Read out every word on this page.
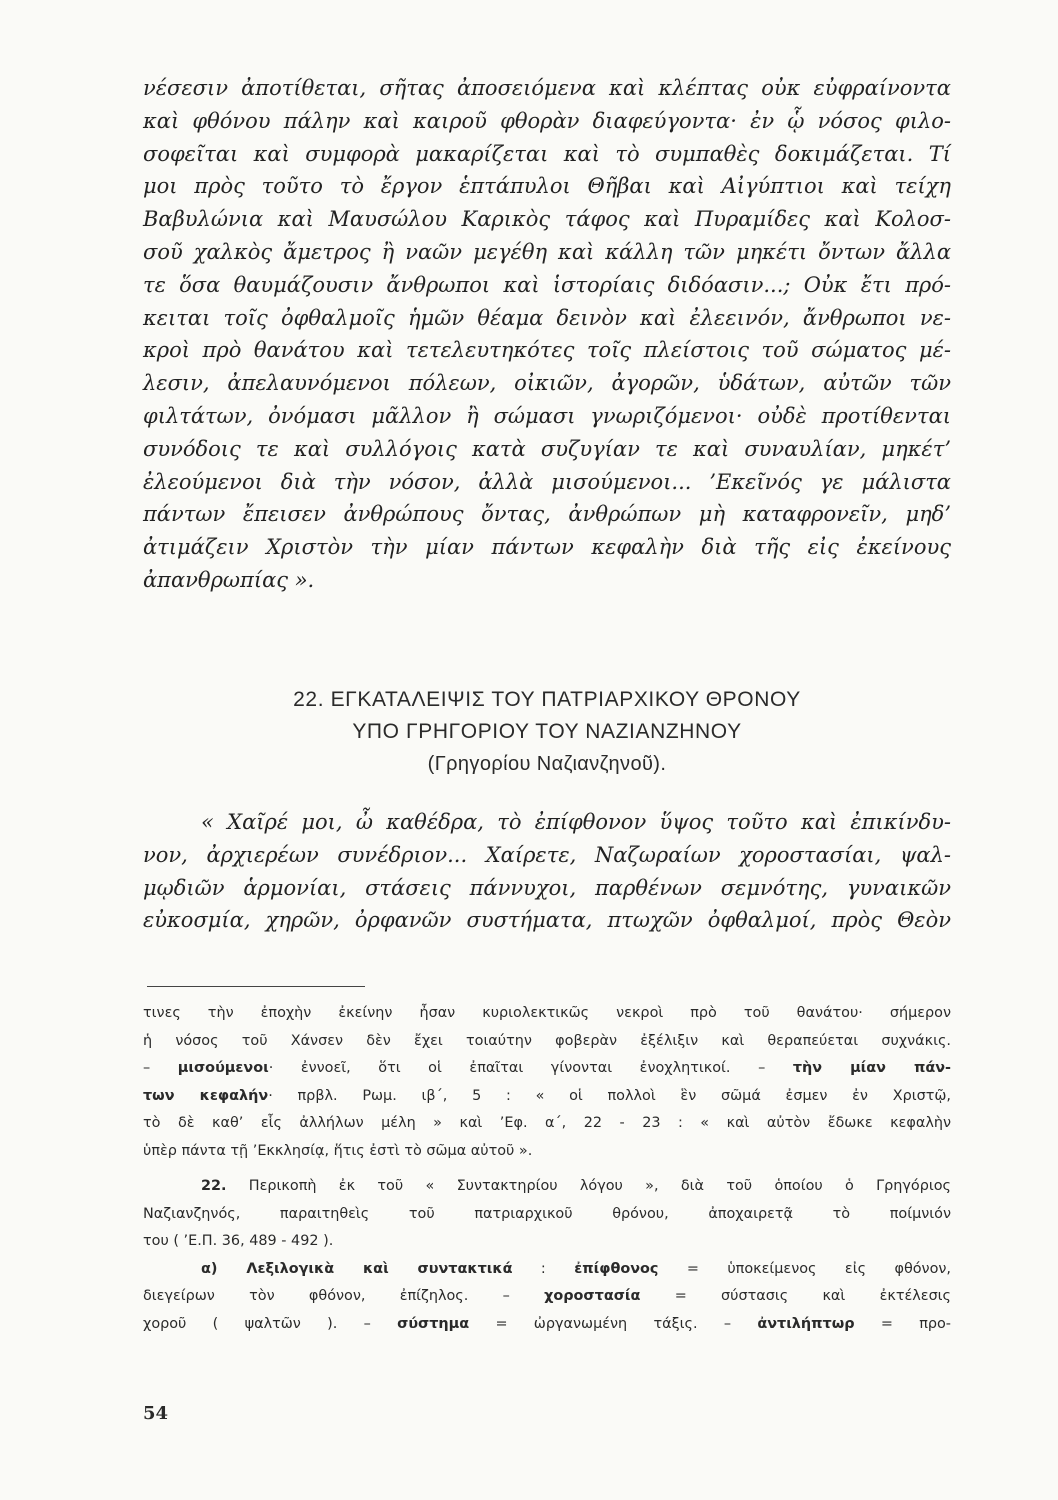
νέσεσιν ἀποτίθεται, σῆτας ἀποσειόμενα καὶ κλέπτας οὐκ εὐφραίνοντα
καὶ φθόνου πάλην καὶ καιροῦ φθορὰν διαφεύγοντα· ἐν ᾧ νόσος φιλο-
σοφεῖται καὶ συμφορὰ μακαρίζεται καὶ τὸ συμπαθὲς δοκιμάζεται. Τί
μοι πρὸς τοῦτο τὸ ἔργον ἑπτάπυλοι Θῆβαι καὶ Αἰγύπτιοι καὶ τείχη
Βαβυλώνια καὶ Μαυσώλου Καρικὸς τάφος καὶ Πυραμίδες καὶ Κολοσ-
σοῦ χαλκὸς ἄμετρος ἢ ναῶν μεγέθη καὶ κάλλη τῶν μηκέτι ὄντων ἄλλα
τε ὅσα θαυμάζουσιν ἄνθρωποι καὶ ἱστορίαις διδόασιν...; Οὐκ ἔτι πρό-
κειται τοῖς ὀφθαλμοῖς ἡμῶν θέαμα δεινὸν καὶ ἐλεεινόν, ἄνθρωποι νε-
κροὶ πρὸ θανάτου καὶ τετελευτηκότες τοῖς πλείστοις τοῦ σώματος μέ-
λεσιν, ἀπελαυνόμενοι πόλεων, οἰκιῶν, ἀγορῶν, ὑδάτων, αὐτῶν τῶν
φιλτάτων, ὀνόμασι μᾶλλον ἢ σώμασι γνωριζόμενοι· οὐδὲ προτίθενται
συνόδοις τε καὶ συλλόγοις κατὰ συζυγίαν τε καὶ συναυλίαν, μηκέτ’
ἐλεούμενοι διὰ τὴν νόσον, ἀλλὰ μισούμενοι... ’Εκεῖνός γε μάλιστα
πάντων ἔπεισεν ἀνθρώπους ὄντας, ἀνθρώπων μὴ καταφρονεῖν, μηδ’
ἀτιμάζειν Χριστὸν τὴν μίαν πάντων κεφαλὴν διὰ τῆς εἰς ἐκείνους
ἀπανθρωπίας ».
22. ΕΓΚΑΤΑΛΕΙΨΙΣ ΤΟΥ ΠΑΤΡΙΑΡΧΙΚΟΥ ΘΡΟΝΟΥ
ΥΠΟ ΓΡΗΓΟΡΙΟΥ ΤΟΥ ΝΑΖΙΑΝΖΗΝΟΥ
(Γρηγορίου Ναζιανζηνοῦ).
« Χαῖρέ μοι, ὦ καθέδρα, τὸ ἐπίφθονον ὕψος τοῦτο καὶ ἐπικίνδυ-
νον, ἀρχιερέων συνέδριον... Χαίρετε, Ναζωραίων χοροστασίαι, ψαλ-
μῳδιῶν ἁρμονίαι, στάσεις πάννυχοι, παρθένων σεμνότης, γυναικῶν
εὐκοσμία, χηρῶν, ὀρφανῶν συστήματα, πτωχῶν ὀφθαλμοί, πρὸς Θεὸν
τινες τὴν ἐποχὴν ἐκείνην ἦσαν κυριολεκτικῶς νεκροὶ πρὸ τοῦ θανάτου· σήμερον
ἡ νόσος τοῦ Χάνσεν δὲν ἔχει τοιαύτην φοβερὰν ἐξέλιξιν καὶ θεραπεύεται συχνάκις.
– μισούμενοι· ἐννοεῖ, ὅτι οἱ ἐπαῖται γίνονται ἐνοχλητικοί. – τὴν μίαν πάν-
των κεφαλήν· πρβλ. Ρωμ. ιβ΄, 5 : « οἱ πολλοὶ ἓν σῶμά ἐσμεν ἐν Χριστῷ,
τὸ δὲ καθ’ εἷς ἀλλήλων μέλη » καὶ ’Εφ. α΄, 22 - 23 : « καὶ αὐτὸν ἔδωκε κεφαλὴν
ὑπὲρ πάντα τῇ ’Εκκλησίᾳ, ἥτις ἐστὶ τὸ σῶμα αὐτοῦ ».
22. Περικοπὴ ἐκ τοῦ « Συντακτηρίου λόγου », διὰ τοῦ ὁποίου ὁ Γρηγόριος
Ναζιανζηνός, παραιτηθεὶς τοῦ πατριαρχικοῦ θρόνου, ἀποχαιρετᾷ τὸ ποίμνιόν
του ( ’Ε.Π. 36, 489 - 492 ).
α) Λεξιλογικὰ καὶ συντακτικά : ἐπίφθονος = ὑποκείμενος εἰς φθόνον,
διεγείρων τὸν φθόνον, ἐπίζηλος. – χοροστασία = σύστασις καὶ ἐκτέλεσις
χοροῦ ( ψαλτῶν ). – σύστημα = ὠργανωμένη τάξις. – ἀντιλήπτωρ = προ-
54
